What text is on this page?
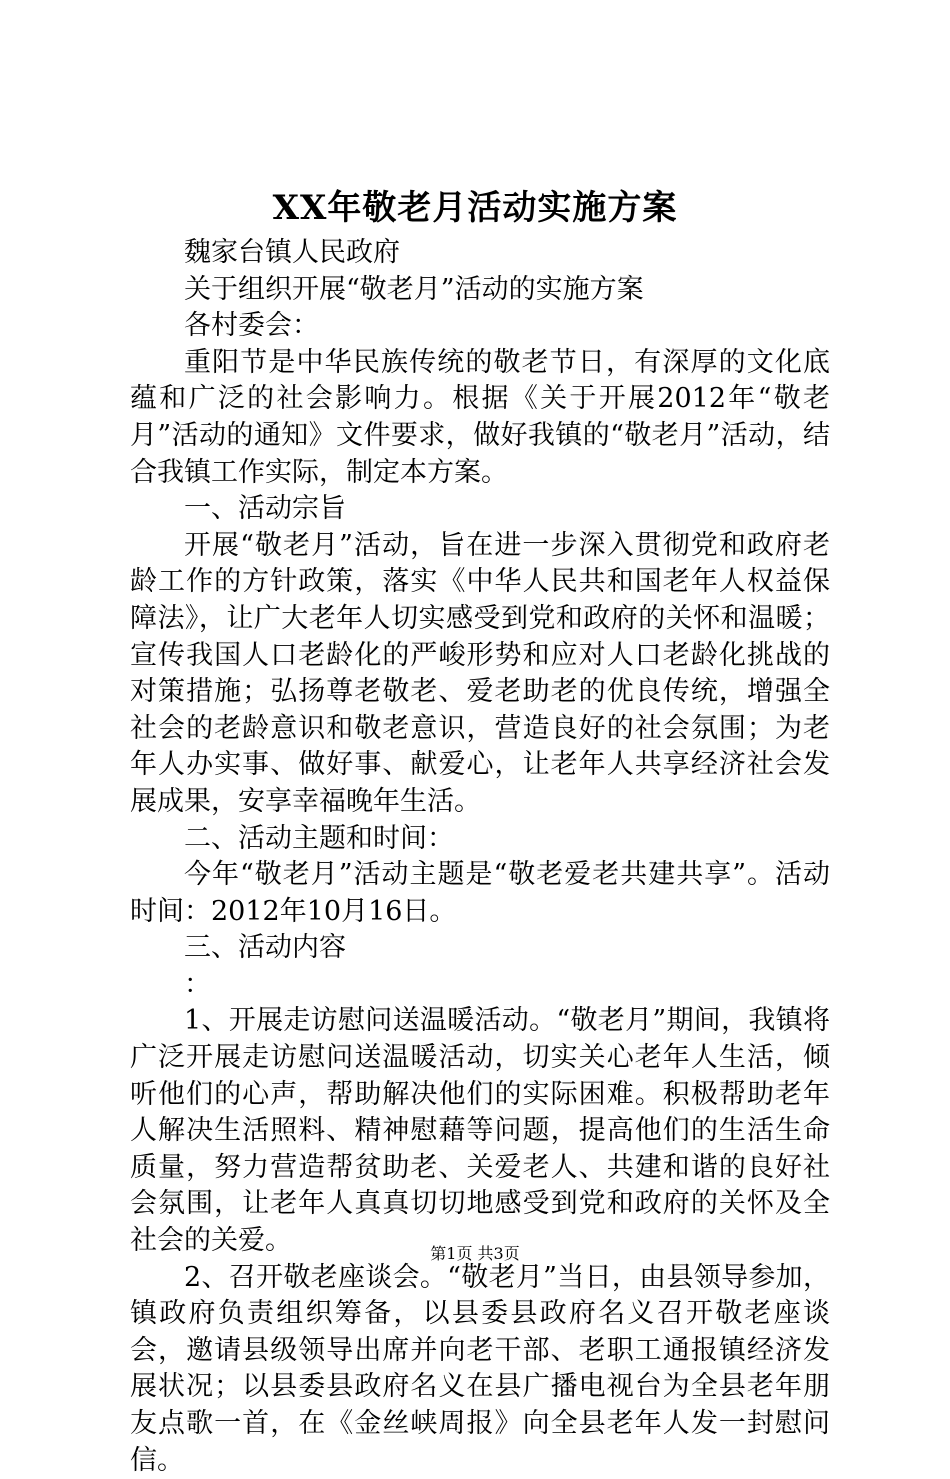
XX年敬老月活动实施方案

魏家台镇人民政府

关于组织开展“敬老月”活动的实施方案

各村委会：

重阳节是中华民族传统的敬老节日，有深厚的文化底蕴和广泛的社会影响力。根据《关于开展2012年“敬老月”活动的通知》文件要求，做好我镇的“敬老月”活动，结合我镇工作实际，制定本方案。

一、活动宗旨

开展“敬老月”活动，旨在进一步深入贯彻党和政府老龄工作的方针政策，落实《中华人民共和国老年人权益保障法》，让广大老年人切实感受到党和政府的关怀和温暖；宣传我国人口老龄化的严峻形势和应对人口老龄化挑战的对策措施；弘扬尊老敬老、爱老助老的优良传统，增强全社会的老龄意识和敬老意识，营造良好的社会氛围；为老年人办实事、做好事、献爱心，让老年人共享经济社会发展成果，安享幸福晚年生活。

二、活动主题和时间：

今年“敬老月”活动主题是“敬老爱老共建共享”。活动时间：2012年10月16日。

三、活动内容

：

1、开展走访慰问送温暖活动。“敬老月”期间，我镇将广泛开展走访慰问送温暖活动，切实关心老年人生活，倾听他们的心声，帮助解决他们的实际困难。积极帮助老年人解决生活照料、精神慰藉等问题，提高他们的生活生命质量，努力营造帮贫助老、关爱老人、共建和谐的良好社会氛围，让老年人真真切切地感受到党和政府的关怀及全社会的关爱。

2、召开敬老座谈会。“敬老月”当日，由县领导参加，镇政府负责组织筹备，以县委县政府名义召开敬老座谈会，邀请县级领导出席并向老干部、老职工通报镇经济发展状况；以县委县政府名义在县广播电视台为全县老年朋友点歌一首，在《金丝峡周报》向全县老年人发一封慰问信。

第1页 共3页
